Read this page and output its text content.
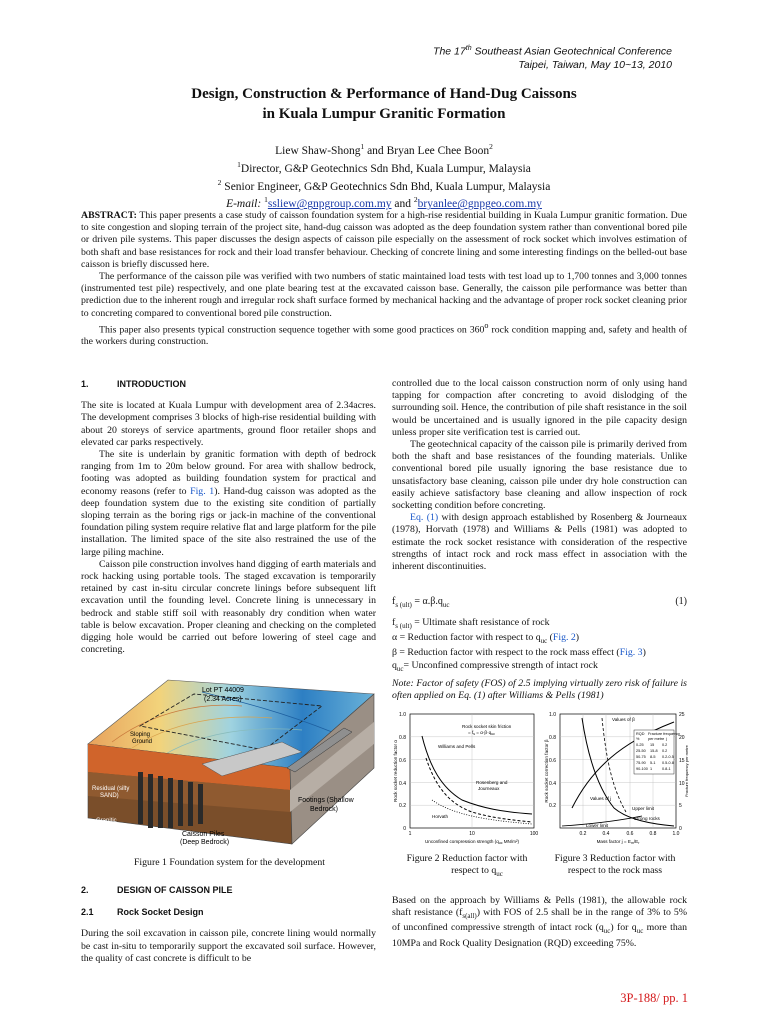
The 17th Southeast Asian Geotechnical Conference
Taipei, Taiwan, May 10~13, 2010
Design, Construction & Performance of Hand-Dug Caissons
in Kuala Lumpur Granitic Formation
Liew Shaw-Shong$^1$ and Bryan Lee Chee Boon$^2$
$^1$Director, G&P Geotechnics Sdn Bhd, Kuala Lumpur, Malaysia
$^2$ Senior Engineer, G&P Geotechnics Sdn Bhd, Kuala Lumpur, Malaysia
E-mail: $^1$ssliew@gnpgroup.com.my and $^2$bryanlee@gnpgeo.com.my

ABSTRACT: This paper presents a case study of caisson foundation system for a high-rise residential building in Kuala Lumpur granitic formation. Due to site congestion and sloping terrain of the project site, hand-dug caisson was adopted as the deep foundation system rather than conventional bored pile or driven pile systems. This paper discusses the design aspects of caisson pile especially on the assessment of rock socket which involves estimation of both shaft and base resistances for rock and their load transfer behaviour. Checking of concrete lining and some interesting findings on the belled-out base caisson is briefly discussed here.

The performance of the caisson pile was verified with two numbers of static maintained load tests with test load up to 1,700 tonnes and 3,000 tonnes (instrumented test pile) respectively, and one plate bearing test at the excavated caisson base. Generally, the caisson pile performance was better than prediction due to the inherent rough and irregular rock shaft surface formed by mechanical hacking and the advantage of proper rock socket cleaning prior to concreting compared to conventional bored pile construction.

This paper also presents typical construction sequence together with some good practices on 360$^o$ rock condition mapping and, safety and health of the workers during construction.

1.	INTRODUCTION

The site is located at Kuala Lumpur with development area of 2.34acres. The development comprises 3 blocks of high-rise residential building with about 20 storeys of service apartments, ground floor retailer shops and elevated car parks respectively.

The site is underlain by granitic formation with depth of bedrock ranging from 1m to 20m below ground. For area with shallow bedrock, footing was adopted as building foundation system for practical and economy reasons (refer to Fig. 1). Hand-dug caisson was adopted as the deep foundation system due to the existing site condition of partially sloping terrain as the boring rigs or jack-in machine of the conventional foundation piling system require relative flat and large platform for the pile installation. The limited space of the site also restrained the use of the large piling machine.

Caisson pile construction involves hand digging of earth materials and rock hacking using portable tools. The staged excavation is temporarily retained by cast in-situ circular concrete linings before subsequent lift excavation until the founding level. Concrete lining is unnecessary in bedrock and stable stiff soil with reasonably dry condition when water table is below excavation. Proper cleaning and checking on the completed digging hole would be carried out before lowering of steel cage and concreting.

Lot PT 44009
(2.34 Acres)
Sloping
Ground
Footings (Shallow
Bedrock)
Residual (silty
SAND)
Granitic
Bedrock
Caisson Piles
(Deep Bedrock)
Figure 1 Foundation system for the development
2.	DESIGN OF CAISSON PILE
2.1	Rock Socket Design

During the soil excavation in caisson pile, concrete lining would normally be cast in-situ to temporarily support the excavated soil surface. However, the quality of cast concrete is difficult to be

controlled due to the local caisson construction norm of only using hand tapping for compaction after concreting to avoid dislodging of the surrounding soil. Hence, the contribution of pile shaft resistance in the soil would be uncertained and is usually ignored in the pile capacity design unless proper site verification test is carried out.

The geotechnical capacity of the caisson pile is primarily derived from both the shaft and base resistances of the founding materials. Unlike conventional bored pile usually ignoring the base resistance due to unsatisfactory base cleaning, caisson pile under dry hole construction can easily achieve satisfactory base cleaning and allow inspection of rock socketting condition before concreting.

Eq. (1) with design approach established by Rosenberg & Journeaux (1978), Horvath (1978) and Williams & Pells (1981) was adopted to estimate the rock socket resistance with consideration of the respective strengths of intact rock and rock mass effect in association with the inherent discontinuities.

$f_{s (ult)} = \alpha.\beta.q_{uc}$	(1)
$f_{s (ult)}$ = Ultimate shaft resistance of rock
α = Reduction factor with respect to $q_{uc}$ (Fig. 2)
β = Reduction factor with respect to the rock mass effect (Fig. 3)
$q_{uc}=$ Unconfined compressive strength of intact rock
Note: Factor of safety (FOS) of 2.5 implying virtually zero risk of failure is often applied on Eq. (1) after Williams & Pells (1981)
1.0
0.8
0.6
0.4
0.2
0
1	10	100
Rock socket reduction factor α
Unconfined compression strength ($q_{uc}$ MN/m²)
Rock socket skin friction
= $f_s = \alpha\cdot\beta\cdot q_{uc}$
Williams and Pells
Rosenberg and
Journeaux
Horvath
Figure 2 Reduction factor with
respect to $q_{uc}$
1.0
0.8
0.6
0.4
0.2
25
20
15
10
5
0
0.2	0.4	0.6	0.8	1.0
Rock socket correction factor β	Fracture frequency per metre
Mass factor $j = E_m/E_r$
Values of β
Values of j
Upper limit
Strong rocks
Lower limit
RQD Fracture frequency
% per metre j
0-25 15 0.2
25-50 15-8 0.2
50-75 8-5 0.2-0.5
75-90 5-1 0.5-0.8
90-100 1	0.8-1
Figure 3 Reduction factor with
respect to the rock mass

Based on the approach by Williams & Pells (1981), the allowable rock shaft resistance $(f_{s(all)})$ with FOS of 2.5 shall be in the range of 3% to 5% of unconfined compressive strength of intact rock $(q_{uc})$ for $q_{uc}$ more than 10MPa and Rock Quality Designation (RQD) exceeding 75%.

3P-188/ pp. 1
